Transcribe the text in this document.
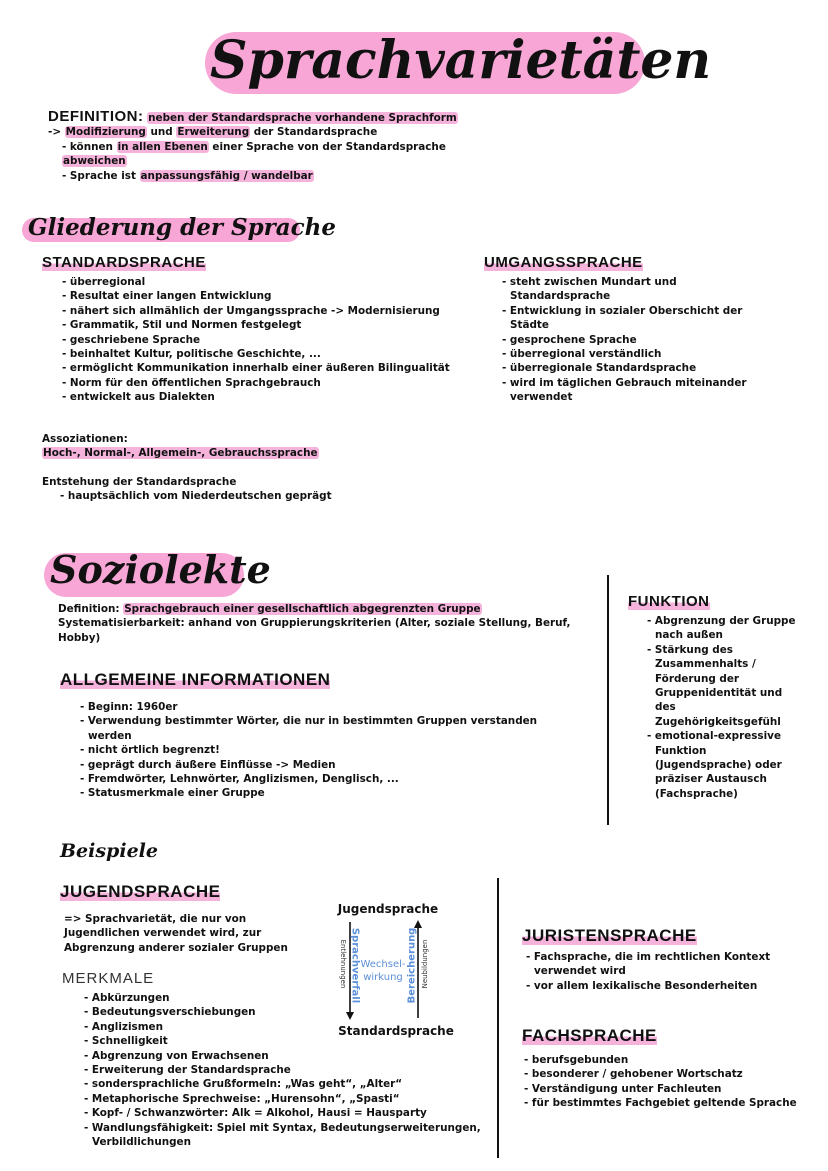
Sprachvarietäten
DEFINITION: neben der Standardsprache vorhandene Sprachform
-> Modifizierung und Erweiterung der Standardsprache
- können in allen Ebenen einer Sprache von der Standardsprache
abweichen
- Sprache ist anpassungsfähig / wandelbar
Gliederung der Sprache
STANDARDSPRACHE
- überregional
- Resultat einer langen Entwicklung
- nähert sich allmählich der Umgangssprache -> Modernisierung
- Grammatik, Stil und Normen festgelegt
- geschriebene Sprache
- beinhaltet Kultur, politische Geschichte, ...
- ermöglicht Kommunikation innerhalb einer äußeren Bilingualität
- Norm für den öffentlichen Sprachgebrauch
- entwickelt aus Dialekten
Assoziationen:
Hoch-, Normal-, Allgemein-, Gebrauchssprache
Entstehung der Standardsprache
- hauptsächlich vom Niederdeutschen geprägt
UMGANGSSPRACHE
- steht zwischen Mundart und Standardsprache
- Entwicklung in sozialer Oberschicht der Städte
- gesprochene Sprache
- überregional verständlich
- überregionale Standardsprache
- wird im täglichen Gebrauch miteinander verwendet
Soziolekte
Definition: Sprachgebrauch einer gesellschaftlich abgegrenzten Gruppe
Systematisierbarkeit: anhand von Gruppierungskriterien (Alter, soziale Stellung, Beruf, Hobby)
ALLGEMEINE INFORMATIONEN
- Beginn: 1960er
- Verwendung bestimmter Wörter, die nur in bestimmten Gruppen verstanden werden
- nicht örtlich begrenzt!
- geprägt durch äußere Einflüsse -> Medien
- Fremdwörter, Lehnwörter, Anglizismen, Denglisch, ...
- Statusmerkmale einer Gruppe
FUNKTION
- Abgrenzung der Gruppe nach außen
- Stärkung des Zusammenhalts / Förderung der Gruppenidentität und des Zugehörigkeitsgefühl
- emotional-expressive Funktion (Jugendsprache) oder präziser Austausch (Fachsprache)
Beispiele
JUGENDSPRACHE
=> Sprachvarietät, die nur von Jugendlichen verwendet wird, zur Abgrenzung anderer sozialer Gruppen
MERKMALE
- Abkürzungen
- Bedeutungsverschiebungen
- Anglizismen
- Schnelligkeit
- Abgrenzung von Erwachsenen
- Erweiterung der Standardsprache
- sondersprachliche Grußformeln: „Was geht“, „Alter“
- Metaphorische Sprechweise: „Hurensohn“, „Spasti“
- Kopf- / Schwanzwörter: Alk = Alkohol, Hausi = Hausparty
- Wandlungsfähigkeit: Spiel mit Syntax, Bedeutungserweiterungen, Verbildlichungen
Jugendsprache
Standardsprache
Sprachverfall
Entlehnungen Wechsel-wirkung Bereicherung Neubildungen
JURISTENSPRACHE
- Fachsprache, die im rechtlichen Kontext verwendet wird
- vor allem lexikalische Besonderheiten
FACHSPRACHE
- berufsgebunden
- besonderer / gehobener Wortschatz
- Verständigung unter Fachleuten
- für bestimmtes Fachgebiet geltende Sprache
